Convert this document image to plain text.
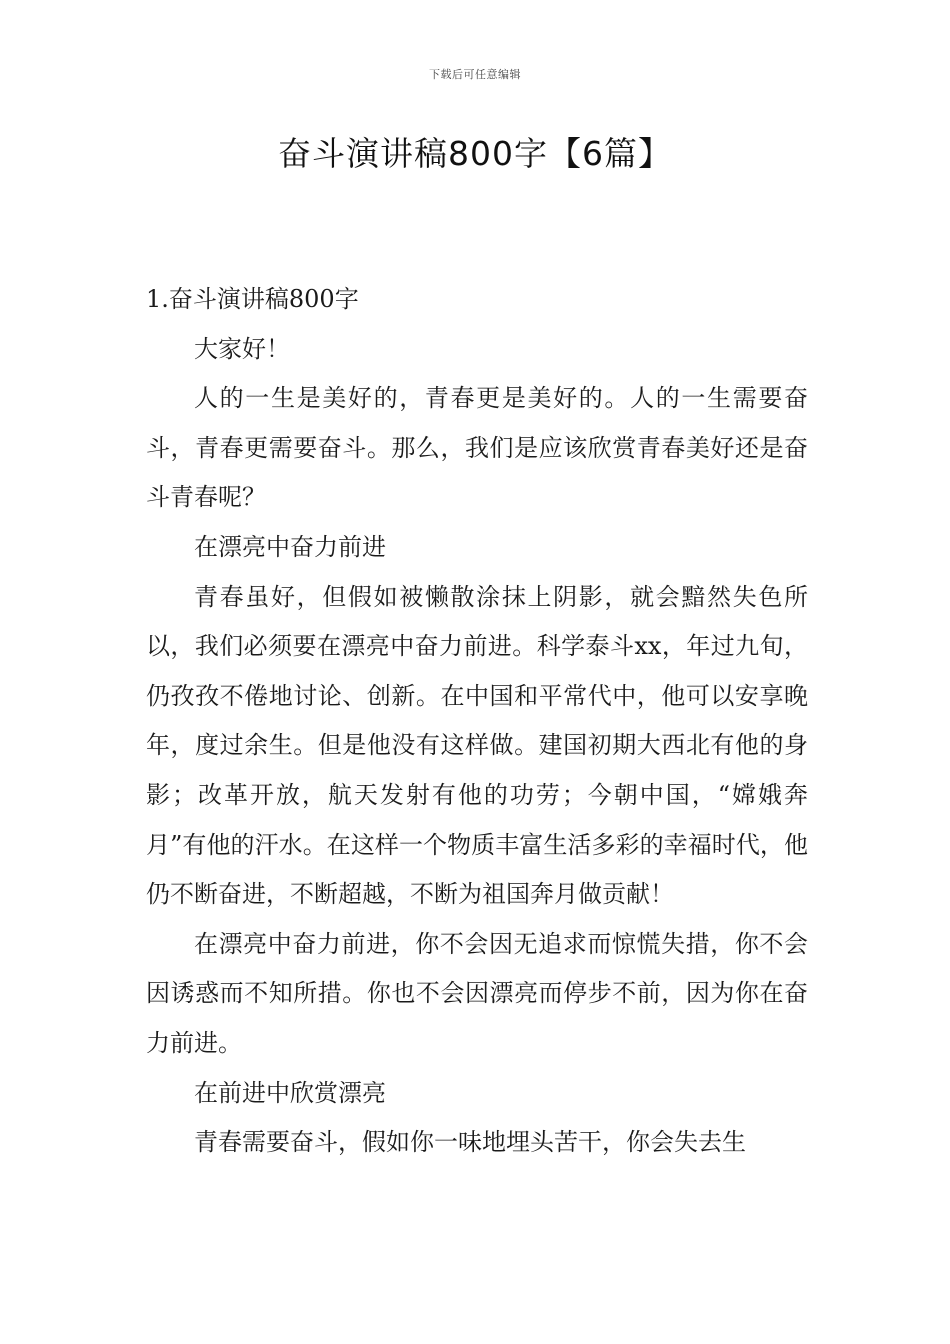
下载后可任意编辑
奋斗演讲稿800字【6篇】

1.奋斗演讲稿800字

大家好！

人的一生是美好的，青春更是美好的。人的一生需要奋斗，青春更需要奋斗。那么，我们是应该欣赏青春美好还是奋斗青春呢？

在漂亮中奋力前进

青春虽好，但假如被懒散涂抹上阴影，就会黯然失色所以，我们必须要在漂亮中奋力前进。科学泰斗xx，年过九旬，仍孜孜不倦地讨论、创新。在中国和平常代中，他可以安享晚年，度过余生。但是他没有这样做。建国初期大西北有他的身影；改革开放，航天发射有他的功劳；今朝中国，“嫦娥奔月”有他的汗水。在这样一个物质丰富生活多彩的幸福时代，他仍不断奋进，不断超越，不断为祖国奔月做贡献！

在漂亮中奋力前进，你不会因无追求而惊慌失措，你不会因诱惑而不知所措。你也不会因漂亮而停步不前，因为你在奋力前进。

在前进中欣赏漂亮

青春需要奋斗，假如你一味地埋头苦干，你会失去生
